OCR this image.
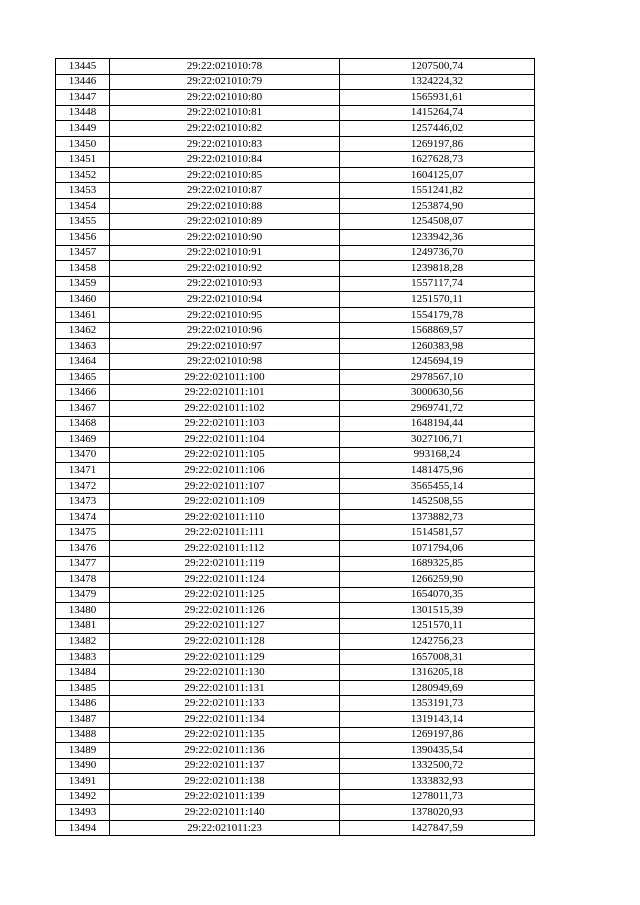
13445	29:22:021010:78	1207500,74
13446	29:22:021010:79	1324224,32
13447	29:22:021010:80	1565931,61
13448	29:22:021010:81	1415264,74
13449	29:22:021010:82	1257446,02
13450	29:22:021010:83	1269197,86
13451	29:22:021010:84	1627628,73
13452	29:22:021010:85	1604125,07
13453	29:22:021010:87	1551241,82
13454	29:22:021010:88	1253874,90
13455	29:22:021010:89	1254508,07
13456	29:22:021010:90	1233942,36
13457	29:22:021010:91	1249736,70
13458	29:22:021010:92	1239818,28
13459	29:22:021010:93	1557117,74
13460	29:22:021010:94	1251570,11
13461	29:22:021010:95	1554179,78
13462	29:22:021010:96	1568869,57
13463	29:22:021010:97	1260383,98
13464	29:22:021010:98	1245694,19
13465	29:22:021011:100	2978567,10
13466	29:22:021011:101	3000630,56
13467	29:22:021011:102	2969741,72
13468	29:22:021011:103	1648194,44
13469	29:22:021011:104	3027106,71
13470	29:22:021011:105	993168,24
13471	29:22:021011:106	1481475,96
13472	29:22:021011:107	3565455,14
13473	29:22:021011:109	1452508,55
13474	29:22:021011:110	1373882,73
13475	29:22:021011:111	1514581,57
13476	29:22:021011:112	1071794,06
13477	29:22:021011:119	1689325,85
13478	29:22:021011:124	1266259,90
13479	29:22:021011:125	1654070,35
13480	29:22:021011:126	1301515,39
13481	29:22:021011:127	1251570,11
13482	29:22:021011:128	1242756,23
13483	29:22:021011:129	1657008,31
13484	29:22:021011:130	1316205,18
13485	29:22:021011:131	1280949,69
13486	29:22:021011:133	1353191,73
13487	29:22:021011:134	1319143,14
13488	29:22:021011:135	1269197,86
13489	29:22:021011:136	1390435,54
13490	29:22:021011:137	1332500,72
13491	29:22:021011:138	1333832,93
13492	29:22:021011:139	1278011,73
13493	29:22:021011:140	1378020,93
13494	29:22:021011:23	1427847,59
